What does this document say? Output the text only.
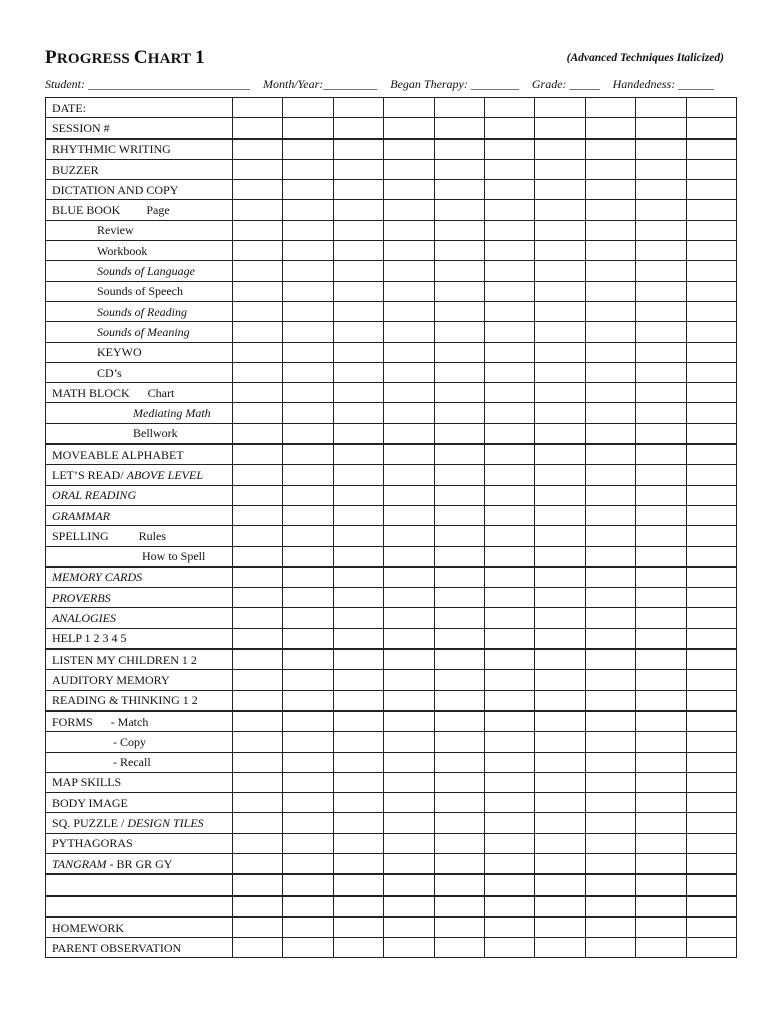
PROGRESS CHART 1	(Advanced Techniques Italicized)
Student: ___________________________ Month/Year:_________ Began Therapy: ________ Grade: _____ Handedness: ______
DATE:										
SESSION #										
RHYTHMIC WRITING										
BUZZER										
DICTATION AND COPY										
BLUE BOOK Page										
Review										
Workbook										
Sounds of Language										
Sounds of Speech										
Sounds of Reading										
Sounds of Meaning										
KEYWO										
CD’s										
MATH BLOCK Chart										
Mediating Math										
Bellwork										
MOVEABLE ALPHABET										
LET’S READ/ ABOVE LEVEL										
ORAL READING										
GRAMMAR										
SPELLING Rules										
How to Spell										
MEMORY CARDS										
PROVERBS										
ANALOGIES										
HELP 1 2 3 4 5										
LISTEN MY CHILDREN 1 2										
AUDITORY MEMORY										
READING & THINKING 1 2										
FORMS - Match										
- Copy										
- Recall										
MAP SKILLS										
BODY IMAGE										
SQ. PUZZLE / DESIGN TILES										
PYTHAGORAS										
TANGRAM - BR GR GY										

HOMEWORK										
PARENT OBSERVATION										
